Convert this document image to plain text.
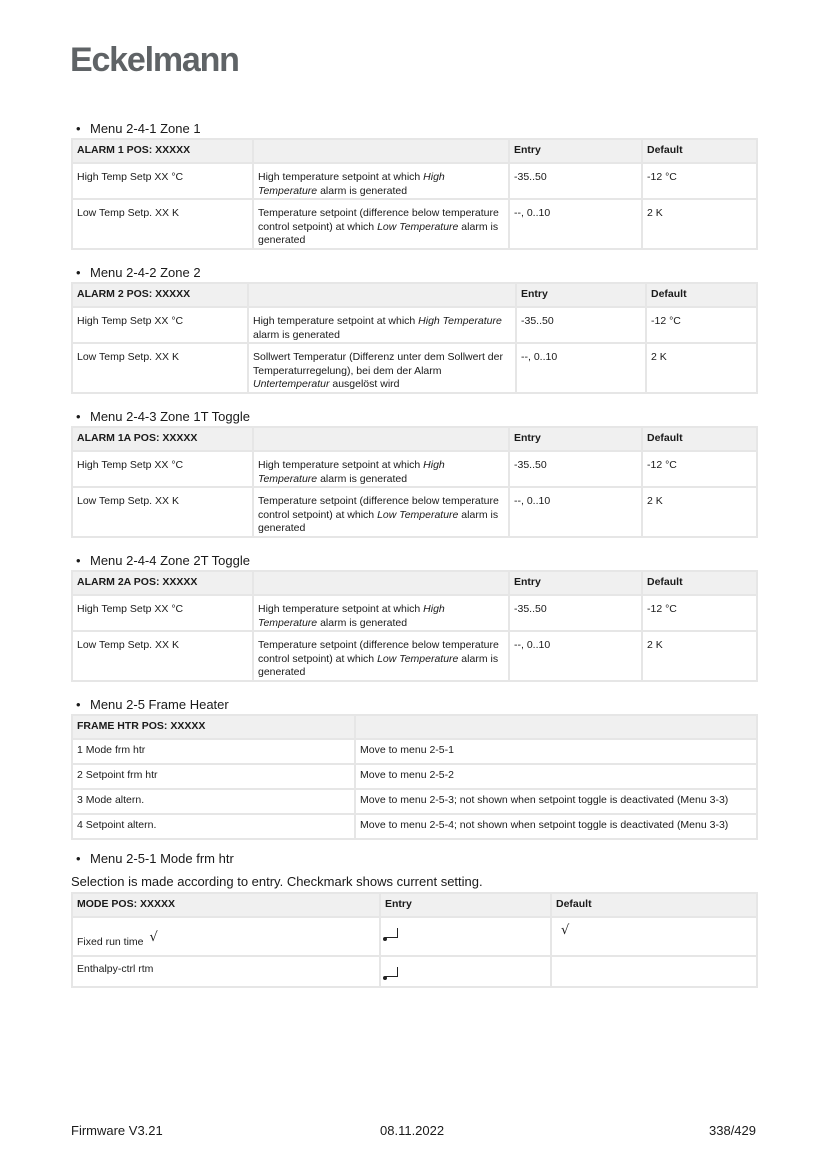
Eckelmann
• Menu 2-4-1 Zone 1
ALARM 1 POS: XXXXX		Entry	Default
High Temp Setp XX °C	High temperature setpoint at which High Temperature alarm is generated	-35..50	-12 °C
Low Temp Setp. XX K	Temperature setpoint (difference below temperature control setpoint) at which Low Temperature alarm is generated	--, 0..10	2 K
• Menu 2-4-2 Zone 2
ALARM 2 POS: XXXXX		Entry	Default
High Temp Setp XX °C	High temperature setpoint at which High Temperature alarm is generated	-35..50	-12 °C
Low Temp Setp. XX K	Sollwert Temperatur (Differenz unter dem Sollwert der Temperaturregelung), bei dem der Alarm Untertemperatur ausgelöst wird	--, 0..10	2 K
• Menu 2-4-3 Zone 1T Toggle
ALARM 1A POS: XXXXX		Entry	Default
High Temp Setp XX °C	High temperature setpoint at which High Temperature alarm is generated	-35..50	-12 °C
Low Temp Setp. XX K	Temperature setpoint (difference below temperature control setpoint) at which Low Temperature alarm is generated	--, 0..10	2 K
• Menu 2-4-4 Zone 2T Toggle
ALARM 2A POS: XXXXX		Entry	Default
High Temp Setp XX °C	High temperature setpoint at which High Temperature alarm is generated	-35..50	-12 °C
Low Temp Setp. XX K	Temperature setpoint (difference below temperature control setpoint) at which Low Temperature alarm is generated	--, 0..10	2 K
• Menu 2-5 Frame Heater
FRAME HTR POS: XXXXX	
1 Mode frm htr	Move to menu 2-5-1
2 Setpoint frm htr	Move to menu 2-5-2
3 Mode altern.	Move to menu 2-5-3; not shown when setpoint toggle is deactivated (Menu 3-3)
4 Setpoint altern.	Move to menu 2-5-4; not shown when setpoint toggle is deactivated (Menu 3-3)
• Menu 2-5-1 Mode frm htr
Selection is made according to entry. Checkmark shows current setting.
MODE POS: XXXXX	Entry	Default
Fixed run time √		√
Enthalpy-ctrl rtm		
Firmware V3.21	08.11.2022	338/429
